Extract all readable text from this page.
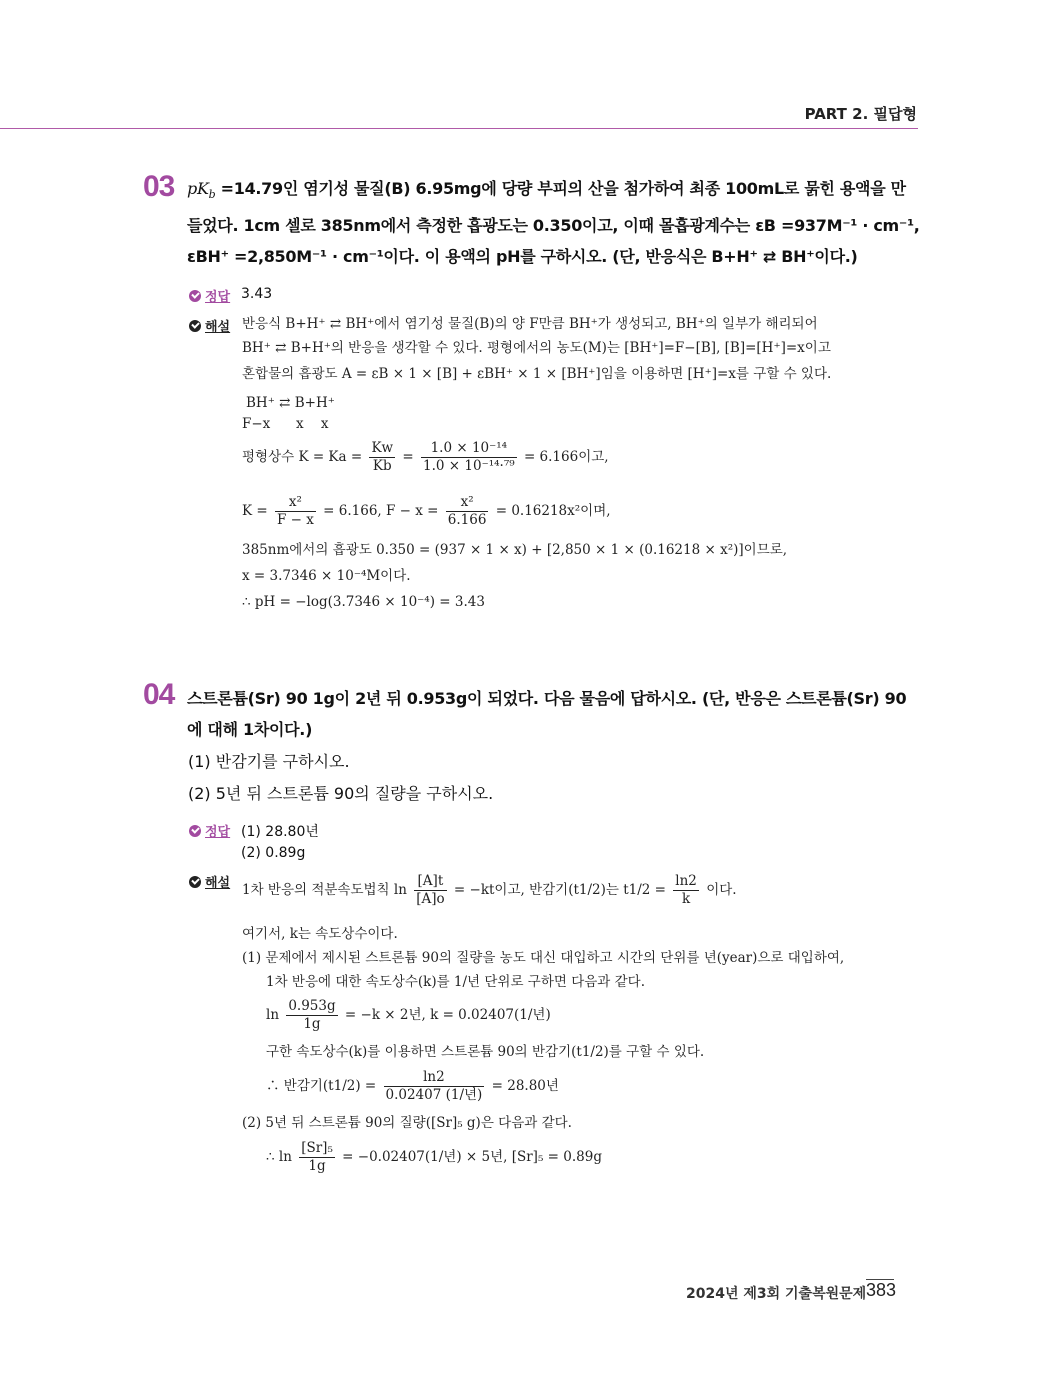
PART 2. 필답형
03 $pK_b =14.79$인 염기성 물질(B) 6.95mg에 당량 부피의 산을 첨가하여 최종 100mL로 묽힌 용액을 만
들었다. 1cm 셀로 385nm에서 측정한 흡광도는 0.350이고, 이때 몰흡광계수는 εB =937M⁻¹ · cm⁻¹,
εBH⁺ =2,850M⁻¹ · cm⁻¹이다. 이 용액의 pH를 구하시오. (단, 반응식은 B+H⁺ ⇄ BH⁺이다.)
정답 3.43
해설 반응식 B+H⁺ ⇄ BH⁺에서 염기성 물질(B)의 양 F만큼 BH⁺가 생성되고, BH⁺의 일부가 해리되어
BH⁺ ⇄ B+H⁺의 반응을 생각할 수 있다. 평형에서의 농도(M)는 [BH⁺]=F−[B], [B]=[H⁺]=x이고
혼합물의 흡광도 A = εB × 1 × [B] + εBH⁺ × 1 × [BH⁺]임을 이용하면 [H⁺]=x를 구할 수 있다.
BH⁺ ⇄ B+H⁺
F−x      x    x
평형상수 $K = Ka = \frac{Kw}{Kb} = \frac{\text{1.0 × 10⁻¹⁴}}{\text{1.0 × 10⁻¹⁴·⁷⁹}} = 6.166$이고,
$K = \frac{\text{x²}}{F - x} = 6.166$, $F - x = \frac{\text{x²}}{6.166} = 0.16218x^2$이며,
385nm에서의 흡광도 0.350 = (937 × 1 × x) + [2,850 × 1 × (0.16218 × x²)]이므로,
x = 3.7346 × 10⁻⁴M이다.
∴ pH = −log(3.7346 × 10⁻⁴) = 3.43
04 스트론튬(Sr) 90 1g이 2년 뒤 0.953g이 되었다. 다음 물음에 답하시오. (단, 반응은 스트론튬(Sr) 90
에 대해 1차이다.)
(1) 반감기를 구하시오.
(2) 5년 뒤 스트론튬 90의 질량을 구하시오.
정답 (1) 28.80년
(2) 0.89g
해설 1차 반응의 적분속도법칙 $\ln \frac{[A]t}{[A]o} = -kt$이고, 반감기(t1/2)는 $t1/2 = \frac{\ln 2}{k}$ 이다.
여기서, k는 속도상수이다.
(1) 문제에서 제시된 스트론튬 90의 질량을 농도 대신 대입하고 시간의 단위를 년(year)으로 대입하여,
1차 반응에 대한 속도상수(k)를 1/년 단위로 구하면 다음과 같다.
$\ln \frac{0.953g}{1g} = -k \times 2$년, k = 0.02407(1/년)
구한 속도상수(k)를 이용하면 스트론튬 90의 반감기(t1/2)를 구할 수 있다.
∴ 반감기$(t1/2) = \frac{\ln 2}{\text{0.02407 (1/년)}} = 28.80$년
(2) 5년 뒤 스트론튬 90의 질량([Sr]₅ g)은 다음과 같다.
∴ $\ln \frac{\text{[Sr]₅}}{1g} = -0.02407(1/$년) × 5년, [Sr]₅ = 0.89g
2024년 제3회 기출복원문제 383
